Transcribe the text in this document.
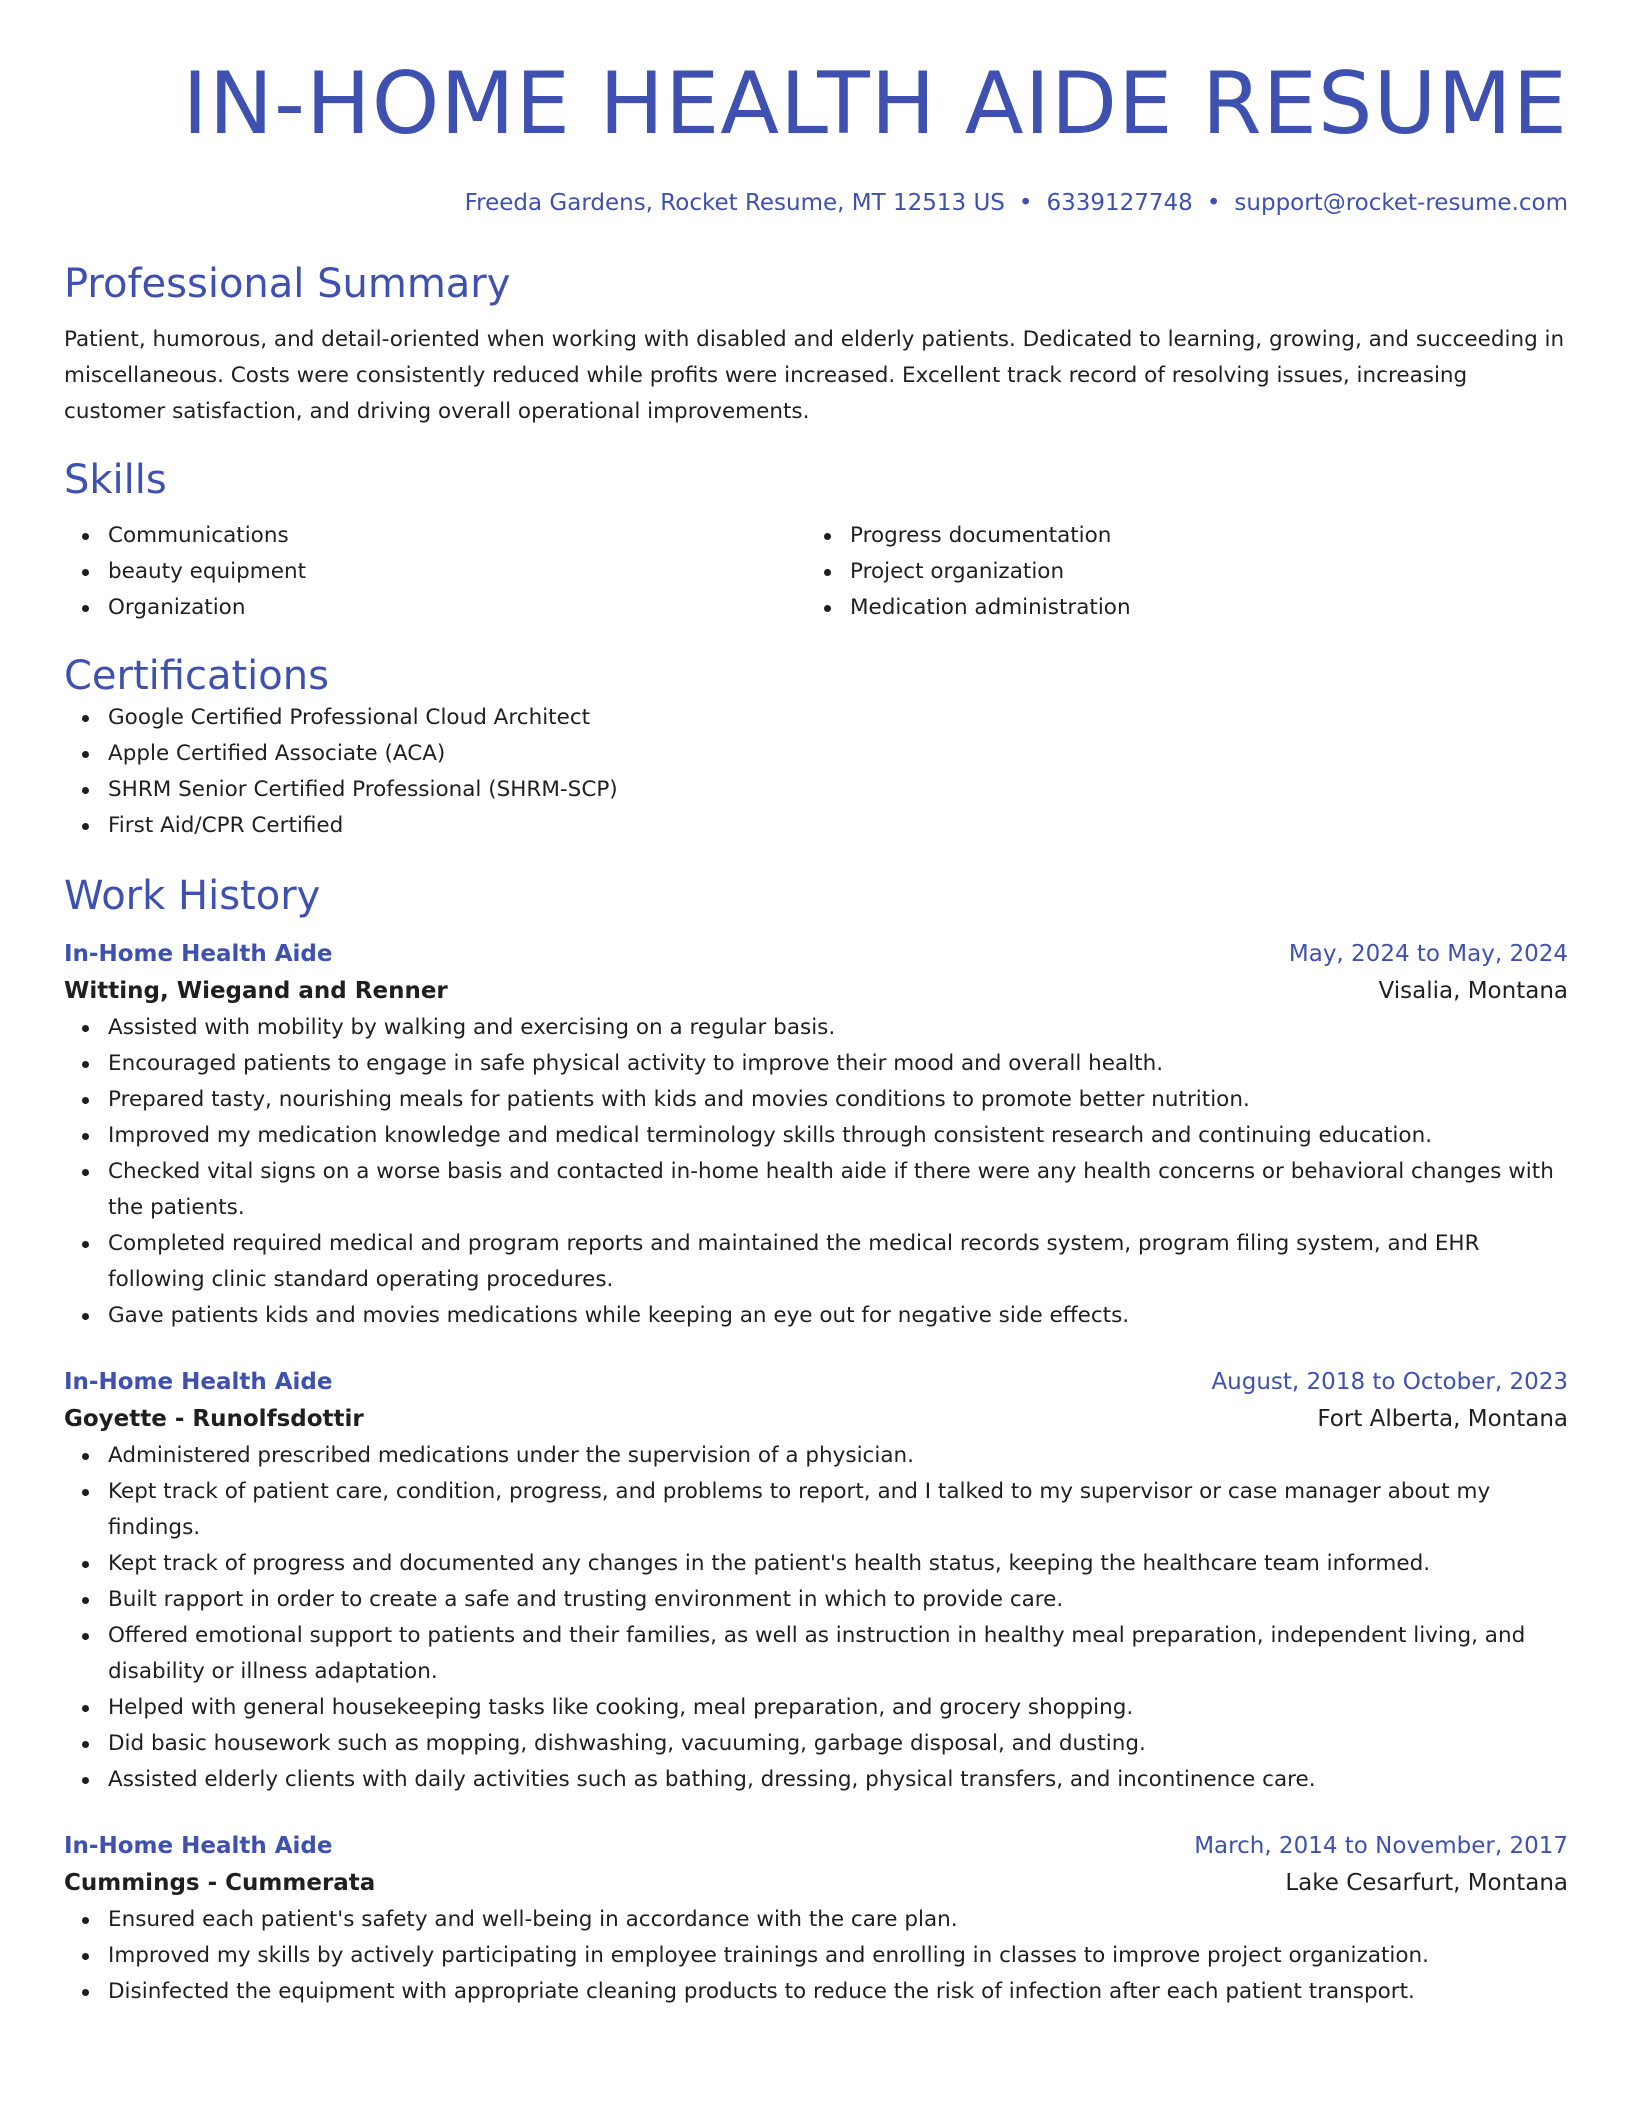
IN-HOME HEALTH AIDE RESUME
Freeda Gardens, Rocket Resume, MT 12513 US • 6339127748 • support@rocket-resume.com
Professional Summary
Patient, humorous, and detail-oriented when working with disabled and elderly patients. Dedicated to learning, growing, and succeeding in miscellaneous. Costs were consistently reduced while profits were increased. Excellent track record of resolving issues, increasing customer satisfaction, and driving overall operational improvements.
Skills
Communications
beauty equipment
Organization
Progress documentation
Project organization
Medication administration
Certifications
Google Certified Professional Cloud Architect
Apple Certified Associate (ACA)
SHRM Senior Certified Professional (SHRM-SCP)
First Aid/CPR Certified
Work History
In-Home Health Aide	May, 2024 to May, 2024
Witting, Wiegand and Renner	Visalia, Montana
Assisted with mobility by walking and exercising on a regular basis.
Encouraged patients to engage in safe physical activity to improve their mood and overall health.
Prepared tasty, nourishing meals for patients with kids and movies conditions to promote better nutrition.
Improved my medication knowledge and medical terminology skills through consistent research and continuing education.
Checked vital signs on a worse basis and contacted in-home health aide if there were any health concerns or behavioral changes with the patients.
Completed required medical and program reports and maintained the medical records system, program filing system, and EHR following clinic standard operating procedures.
Gave patients kids and movies medications while keeping an eye out for negative side effects.
In-Home Health Aide	August, 2018 to October, 2023
Goyette - Runolfsdottir	Fort Alberta, Montana
Administered prescribed medications under the supervision of a physician.
Kept track of patient care, condition, progress, and problems to report, and I talked to my supervisor or case manager about my findings.
Kept track of progress and documented any changes in the patient's health status, keeping the healthcare team informed.
Built rapport in order to create a safe and trusting environment in which to provide care.
Offered emotional support to patients and their families, as well as instruction in healthy meal preparation, independent living, and disability or illness adaptation.
Helped with general housekeeping tasks like cooking, meal preparation, and grocery shopping.
Did basic housework such as mopping, dishwashing, vacuuming, garbage disposal, and dusting.
Assisted elderly clients with daily activities such as bathing, dressing, physical transfers, and incontinence care.
In-Home Health Aide	March, 2014 to November, 2017
Cummings - Cummerata	Lake Cesarfurt, Montana
Ensured each patient's safety and well-being in accordance with the care plan.
Improved my skills by actively participating in employee trainings and enrolling in classes to improve project organization.
Disinfected the equipment with appropriate cleaning products to reduce the risk of infection after each patient transport.
